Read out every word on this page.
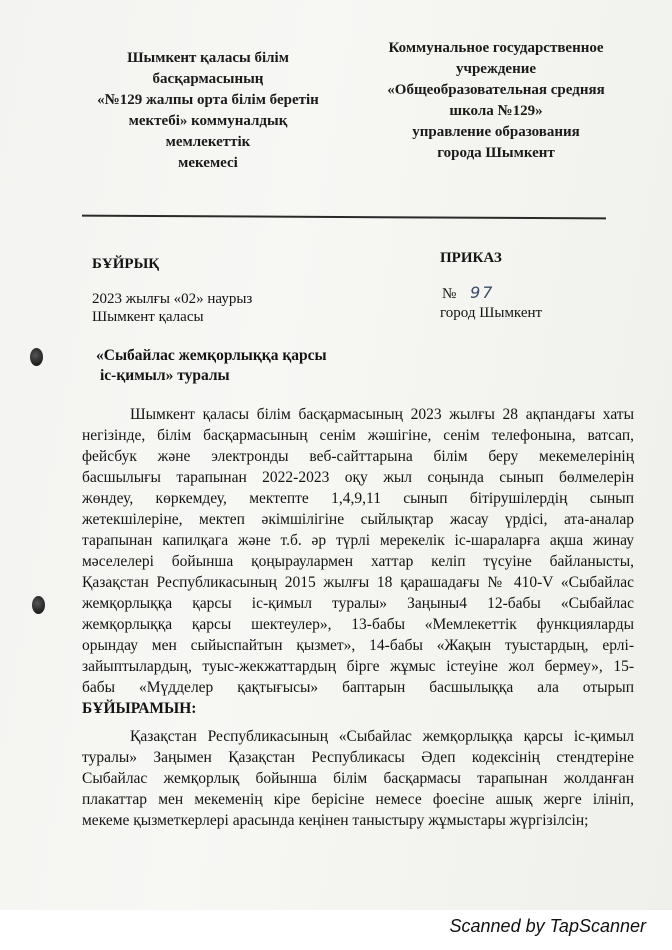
Шымкент қаласы білім
басқармасының
«№129 жалпы орта білім беретін
мектебі» коммуналдық
мемлекеттік
мекемесі
Коммунальное государственное
учреждение
«Общеобразовательная средняя
школа №129»
управление образования
города Шымкент
БҰЙРЫҚ	ПРИКАЗ
2023 жылғы «02» наурыз
Шымкент қаласы
№ 97
город Шымкент
«Сыбайлас жемқорлыққа қарсы
іс-қимыл» туралы
Шымкент қаласы білім басқармасының 2023 жылғы 28 ақпандағы хаты
негізінде, білім басқармасының сенім жәшігіне, сенім телефонына, ватсап,
фейсбук және электронды веб-сайттарына білім беру мекемелерінің
басшылығы тарапынан 2022-2023 оқу жыл соңында сынып бөлмелерін
жөндеу, көркемдеу, мектепте 1,4,9,11 сынып бітірушілердің сынып
жетекшілеріне, мектеп әкімшілігіне сыйлықтар жасау үрдісі, ата-аналар
тарапынан капилқага және т.б. әр түрлі мерекелік іс-шараларға ақша жинау
мәселелері бойынша қоңыраулармен хаттар келіп түсуіне байланысты,
Қазақстан Республикасының 2015 жылғы 18 қарашадағы № 410-V «Сыбайлас
жемқорлыққа қарсы іс-қимыл туралы» Заңыны4 12-бабы «Сыбайлас
жемқорлыққа қарсы шектеулер», 13-бабы «Мемлекеттік функцияларды
орындау мен сыйыспайтын қызмет», 14-бабы «Жақын туыстардың, ерлі-
зайыптылардың, туыс-жекжаттардың бірге жұмыс істеуіне жол бермеу», 15-
бабы «Мүдделер қақтығысы» баптарын басшылыққа ала отырып
БҰЙЫРАМЫН:
Қазақстан Республикасының «Сыбайлас жемқорлыққа қарсы іс-қимыл
туралы» Заңымен Қазақстан Республикасы Әдеп кодексінің стендтеріне
Сыбайлас жемқорлық бойынша білім басқармасы тарапынан жолданған
плакаттар мен мекеменің кіре берісіне немесе фоесіне ашық жерге ілініп,
мекеме қызметкерлері арасында кеңінен таныстыру жұмыстары жүргізілсін;
Scanned by TapScanner
